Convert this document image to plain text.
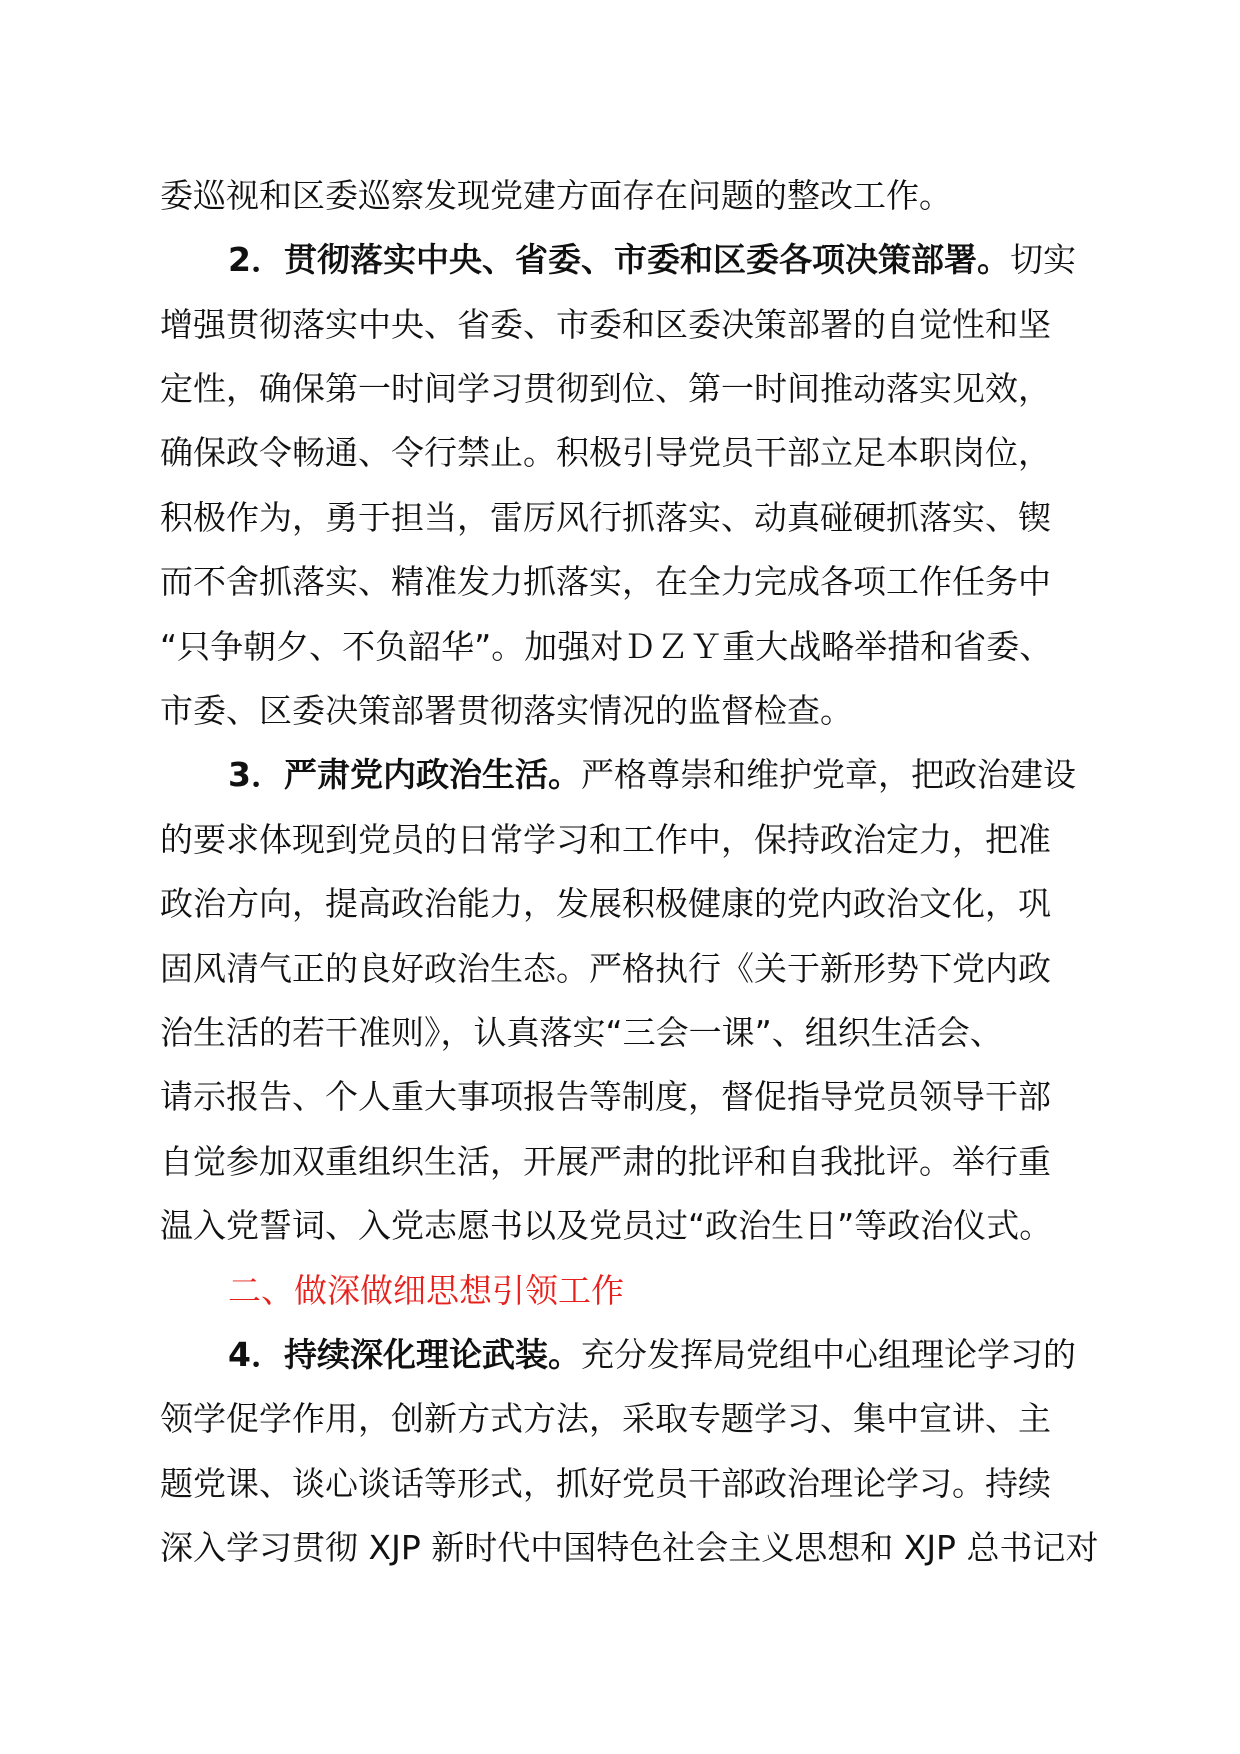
委巡视和区委巡察发现党建方面存在问题的整改工作。
2．贯彻落实中央、省委、市委和区委各项决策部署。切实
增强贯彻落实中央、省委、市委和区委决策部署的自觉性和坚
定性，确保第一时间学习贯彻到位、第一时间推动落实见效，
确保政令畅通、令行禁止。积极引导党员干部立足本职岗位，
积极作为，勇于担当，雷厉风行抓落实、动真碰硬抓落实、锲
而不舍抓落实、精准发力抓落实，在全力完成各项工作任务中
“只争朝夕、不负韶华”。加强对ＤＺＹ重大战略举措和省委、
市委、区委决策部署贯彻落实情况的监督检查。
3．严肃党内政治生活。严格尊崇和维护党章，把政治建设
的要求体现到党员的日常学习和工作中，保持政治定力，把准
政治方向，提高政治能力，发展积极健康的党内政治文化，巩
固风清气正的良好政治生态。严格执行《关于新形势下党内政
治生活的若干准则》，认真落实“三会一课”、组织生活会、
请示报告、个人重大事项报告等制度，督促指导党员领导干部
自觉参加双重组织生活，开展严肃的批评和自我批评。举行重
温入党誓词、入党志愿书以及党员过“政治生日”等政治仪式。
二、做深做细思想引领工作
4．持续深化理论武装。充分发挥局党组中心组理论学习的
领学促学作用，创新方式方法，采取专题学习、集中宣讲、主
题党课、谈心谈话等形式，抓好党员干部政治理论学习。持续
深入学习贯彻 XJP 新时代中国特色社会主义思想和 XJP 总书记对
